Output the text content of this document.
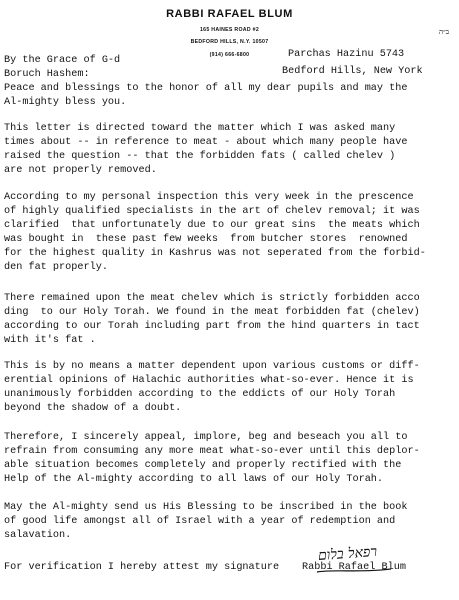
RABBI RAFAEL BLUM
165 HAINES ROAD #2
BEDFORD HILLS, N.Y. 10507
(914) 666-6800
ב״ה
By the Grace of G-d
Boruch Hashem:
Parchas Hazinu 5743
Bedford Hills, New York
Peace and blessings to the honor of all my dear pupils and may the
Al-mighty bless you.
This letter is directed toward the matter which I was asked many
times about -- in reference to meat - about which many people have
raised the question -- that the forbidden fats ( called chelev )
are not properly removed.
According to my personal inspection this very week in the prescence
of highly qualified specialists in the art of chelev removal; it was
clarified  that unfortunately due to our great sins  the meats which
was bought in  these past few weeks  from butcher stores  renowned
for the highest quality in Kashrus was not seperated from the forbid-
den fat properly.
There remained upon the meat chelev which is strictly forbidden acco
ding  to our Holy Torah. We found in the meat forbidden fat (chelev)
according to our Torah including part from the hind quarters in tact
with it's fat .
This is by no means a matter dependent upon various customs or diff-
erential opinions of Halachic authorities what-so-ever. Hence it is
unanimously forbidden according to the eddicts of our Holy Torah
beyond the shadow of a doubt.
Therefore, I sincerely appeal, implore, beg and beseach you all to
refrain from consuming any more meat what-so-ever until this deplor-
able situation becomes completely and properly rectified with the
Help of the Al-mighty according to all laws of our Holy Torah.
May the Al-mighty send us His Blessing to be inscribed in the book
of good life amongst all of Israel with a year of redemption and
salavation.
רפאל בלום
For verification I hereby attest my signature Rabbi Rafael Blum
